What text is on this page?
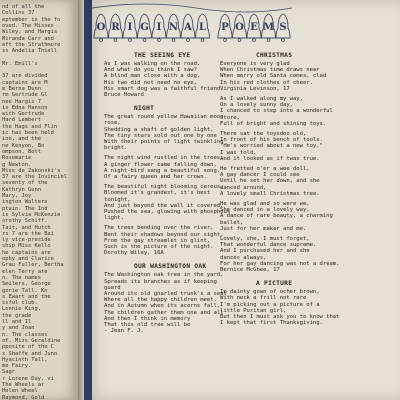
nd of all the
Collins 37
eptember is the fo
oved. The Misses
Wiley, and Hargis
Miranda Carr and
eft the Strathmore
ss Andelia Thiell
Mr. Emill's
37 are divided
captains are M
m Berna Dunn
rm Gertrude Gl
nee Hargis 7
is Edna Hanson
with Gertrude
Hard Lambert
the Hags and Flin
ic has been held
ion, and the
ne Kenyon, Bo
ompson, Bott
Rosemarie
g Newton.
Miss de Zakonski's
37 are the Invincibl
seventy of the
Kathryn Gunn
Mary, Joy
ington Walters
ptain. The Ind
is Sylvia McKenzie
orothy Schiff.
Tait, and Hutch
rs 7 are the Bai
ly vice-preside
ship Miss Kello
he captains are
ophy and Clarice
Grau Fuller, Bertha
elen Terry are
n. The names
Smilers, George
gorie Tall. Kn
s Ewart and the
ssful club.
Lonnie King,
the grade
ll and Il
y and Joan
n. The classes
of. Miss Geraldine
pposite of the C
s Shaffe and Juno
Hyacinth Tall,
me Fairy.
Sagr
r Lorene Day, vi
The Wheels ar
Helen Wheel
Raymond, Gold
O R I G I N A L P O E M S
THE SEEING EYE
As I was walking on the road,
And what do you think I saw?
A blind man close with a dog,
His two did not need no eye,
His smart dog was a faithful friend.
Bruce Howard
NIGHT
The great round yellow Hawaiian moon
rose,
Shedding a shaft of golden light,
The tiny stars sold out one by one
With their points of light twinkling
bright.
The night wind rustled in the trees,
A ginger flower came falling down,
A night-bird sang a beautiful song,
Of a fairy queen and her crown.
The beautiful night blooming cereus,
Bloomed it's grandest, it's best
tonight,
And just beyond the wall it covered,
Pushed the sea, glowing with phosphous
light.
The trees bending over the river,
Bent their shadows beyond our sight,
From the gay streamlet in glint,
Such is the picture of the night.
Dorothy Wiley, 16A
OUR WASHINGTON OAK
The Washington oak tree in the yard,
Spreads its branches as if keeping
guard
Around its old gnarled trunk's a seat
Where all the happy children meet.
And in Autumn when its acorns fall,
The children gather them one and all
And then I think in memory
That this old tree will be
- Jean F. J.
CHRISTMAS
Everyone is very glad
When Christmas time draws near
When merry old Santa comes, clad
In his red clothes of cheer.
Virginia Levinson, 17
As I walked along my way,
On a lovely sunny day,
I chanced to step into a wonderful
store,
Full of bright and shining toys.
There sat the toysdoo old,
In front of his bench of tools.
"He's worried about a new toy,"
I was told,
And it looked as if twas true.
He fretted o'er a wee doll,
A gay dancer I could see
Until he set her down, and she
danced around,
A lovely small Christmas tree.
He was glad and so were we,
She danced in a lovely way,
A dance of rare beauty, a charming
ballet,
Just for her maker and me.
Lovely, she, I must forget,
That wonderful dance supreme.
And I purchased her and she
dances always,
For her gay dancing was not a dream.
Bernice McGhee, 17
A PICTURE
In dainty gown of ocher brown,
With neck a frill not rare
I'm picking out a picture of a
little Puritan girl,
But then I must ask you to know that
I kept that first Thanksgiving.
